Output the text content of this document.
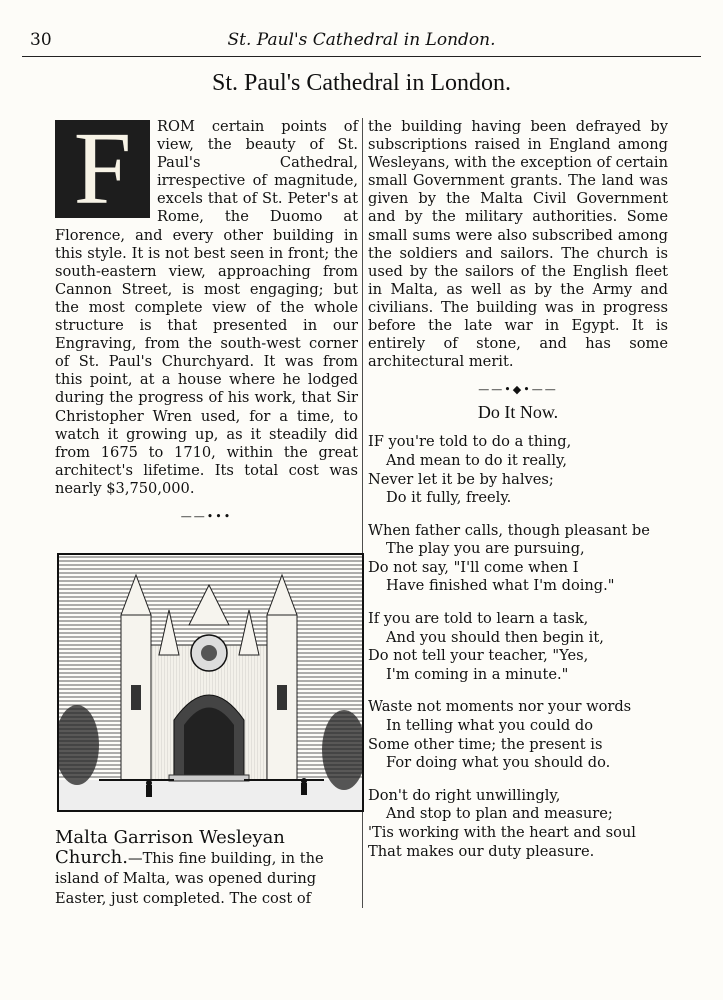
30	St. Paul's Cathedral in London.
St. Paul's Cathedral in London.
F	ROM certain points of view, the beauty of St. Paul's Cathedral, irrespective of magnitude, excels that of St. Peter's at Rome, the Duomo at Florence, and every other building in this style. It is not best seen in front; the south-eastern view, approaching from Cannon Street, is most engaging; but the most complete view of the whole structure is that presented in our Engraving, from the south-west corner of St. Paul's Churchyard. It was from this point, at a house where he lodged during the progress of his work, that Sir Christopher Wren used, for a time, to watch it growing up, as it steadily did from 1675 to 1710, within the great architect's lifetime. Its total cost was nearly $3,750,000.
——•••
Malta Garrison Wesleyan Church.—This fine building, in the island of Malta, was opened during Easter, just completed. The cost of
the building having been defrayed by subscriptions raised in England among Wesleyans, with the exception of certain small Government grants. The land was given by the Malta Civil Government and by the military authorities. Some small sums were also subscribed among the soldiers and sailors. The church is used by the sailors of the English fleet in Malta, as well as by the Army and civilians. The building was in progress before the late war in Egypt. It is entirely of stone, and has some architectural merit.
——•◆•——
Do It Now.
IF you're told to do a thing,
And mean to do it really,
Never let it be by halves;
Do it fully, freely.
When father calls, though pleasant be
The play you are pursuing,
Do not say, "I'll come when I
Have finished what I'm doing."
If you are told to learn a task,
And you should then begin it,
Do not tell your teacher, "Yes,
I'm coming in a minute."
Waste not moments nor your words
In telling what you could do
Some other time; the present is
For doing what you should do.
Don't do right unwillingly,
And stop to plan and measure;
'Tis working with the heart and soul
That makes our duty pleasure.
